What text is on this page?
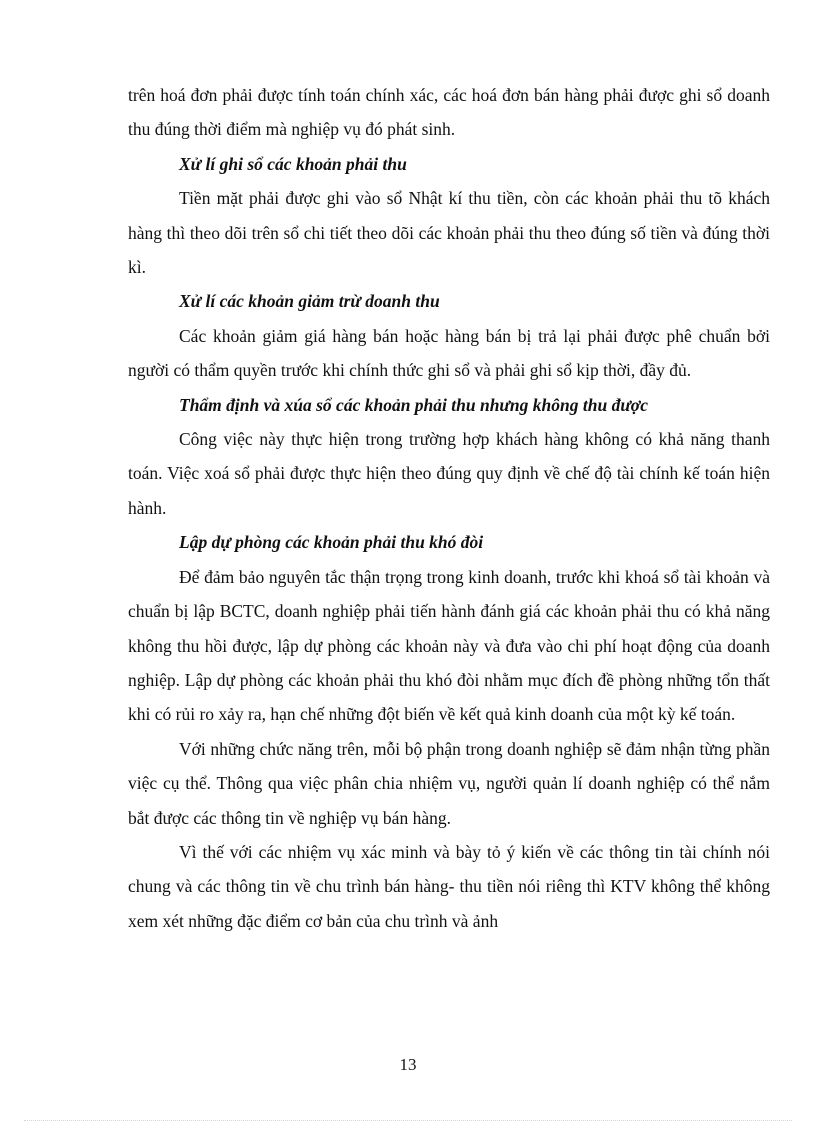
trên hoá đơn phải được tính toán chính xác, các hoá đơn bán hàng phải được ghi sổ doanh thu đúng thời điểm mà nghiệp vụ đó phát sinh.

Xử lí ghi sổ các khoản phải thu

Tiền mặt phải được ghi vào sổ Nhật kí thu tiền, còn các khoản phải thu tõ khách hàng thì theo dõi trên sổ chi tiết theo dõi các khoản phải thu theo đúng số tiền và đúng thời kì.

Xử lí các khoản giảm trừ doanh thu

Các khoản giảm giá hàng bán hoặc hàng bán bị trả lại phải được phê chuẩn bởi người có thẩm quyền trước khi chính thức ghi sổ và phải ghi sổ kịp thời, đầy đủ.

Thẩm định và xúa sổ các khoản phải thu nhưng không thu được

Công việc này thực hiện trong trường hợp khách hàng không có khả năng thanh toán. Việc xoá sổ phải được thực hiện theo đúng quy định về chế độ tài chính kế toán hiện hành.

Lập dự phòng các khoản phải thu khó đòi

Để đảm bảo nguyên tắc thận trọng trong kinh doanh, trước khi khoá sổ tài khoản và chuẩn bị lập BCTC, doanh nghiệp phải tiến hành đánh giá các khoản phải thu có khả năng không thu hồi được, lập dự phòng các khoản này và đưa vào chi phí hoạt động của doanh nghiệp. Lập dự phòng các khoản phải thu khó đòi nhằm mục đích đề phòng những tổn thất khi có rủi ro xảy ra, hạn chế những đột biến về kết quả kinh doanh của một kỳ kế toán.

Với những chức năng trên, mỗi bộ phận trong doanh nghiệp sẽ đảm nhận từng phần việc cụ thể. Thông qua việc phân chia nhiệm vụ, người quản lí doanh nghiệp có thể nắm bắt được các thông tin về nghiệp vụ bán hàng.

Vì thế với các nhiệm vụ xác minh và bày tỏ ý kiến về các thông tin tài chính nói chung và các thông tin về chu trình bán hàng- thu tiền nói riêng thì KTV không thể không xem xét những đặc điểm cơ bản của chu trình và ảnh

13
